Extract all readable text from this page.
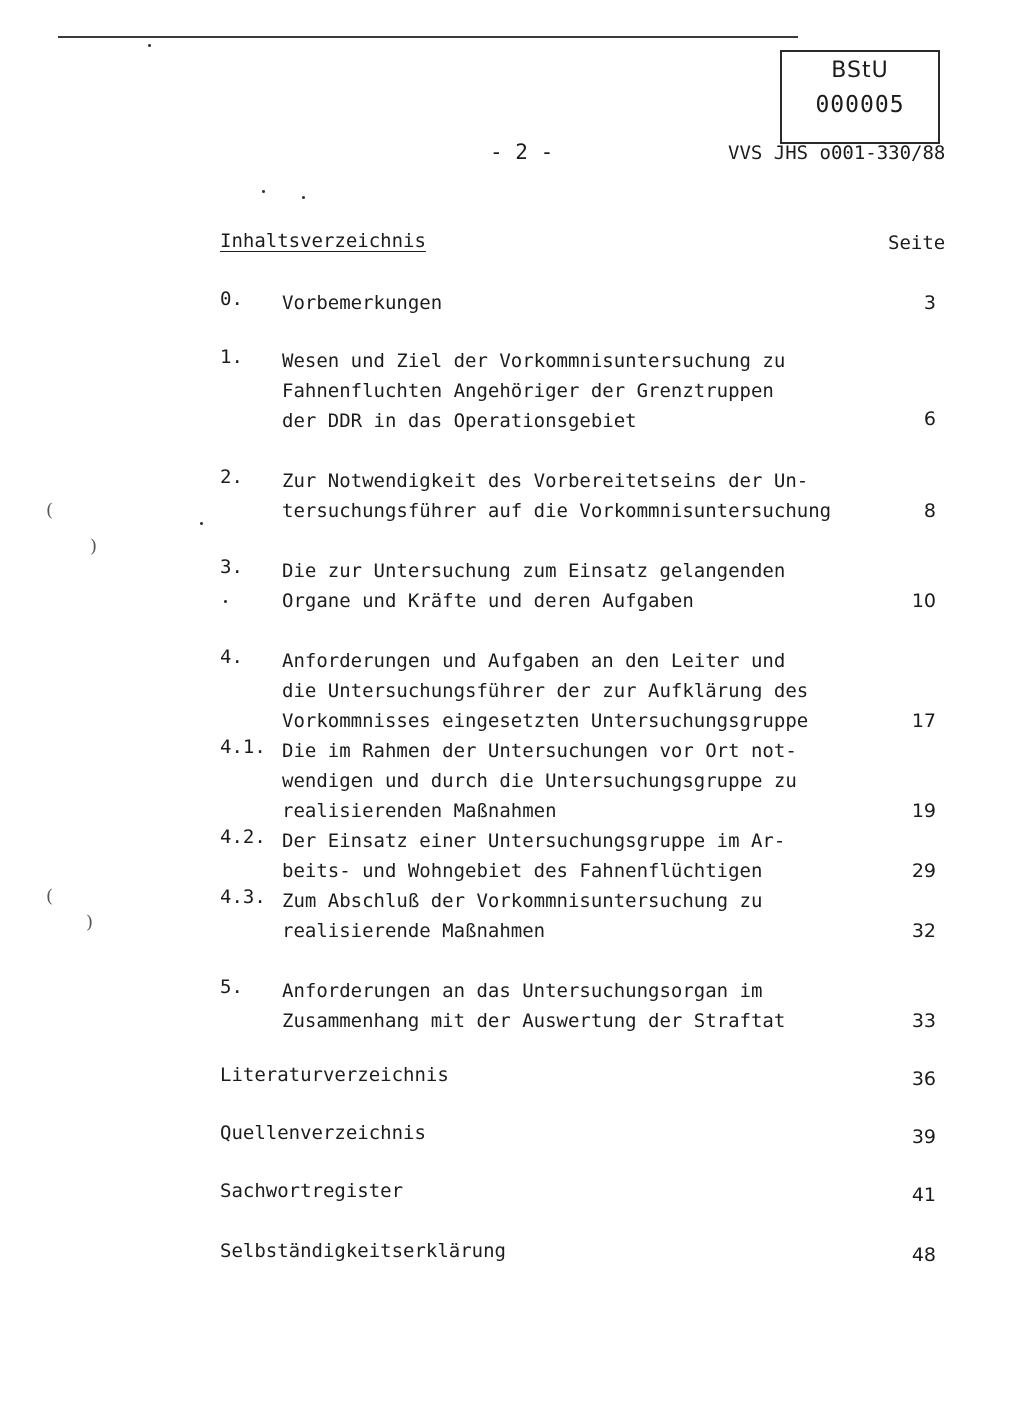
(
)
(
)
BStU
000005
- 2 -	VVS JHS o001-330/88
Inhaltsverzeichnis	Seite
0. Vorbemerkungen	3
1. Wesen und Ziel der Vorkommnisuntersuchung zu
Fahnenfluchten Angehöriger der Grenztruppen
der DDR in das Operationsgebiet	6
2. Zur Notwendigkeit des Vorbereitetseins der Un-
tersuchungsführer auf die Vorkommnisuntersuchung	8
3. Die zur Untersuchung zum Einsatz gelangenden
Organe und Kräfte und deren Aufgaben	10
4. Anforderungen und Aufgaben an den Leiter und
die Untersuchungsführer der zur Aufklärung des
Vorkommnisses eingesetzten Untersuchungsgruppe	17
4.1. Die im Rahmen der Untersuchungen vor Ort not-
wendigen und durch die Untersuchungsgruppe zu
realisierenden Maßnahmen	19
4.2. Der Einsatz einer Untersuchungsgruppe im Ar-
beits- und Wohngebiet des Fahnenflüchtigen	29
4.3. Zum Abschluß der Vorkommnisuntersuchung zu
realisierende Maßnahmen	32
5. Anforderungen an das Untersuchungsorgan im
Zusammenhang mit der Auswertung der Straftat	33
Literaturverzeichnis	36
Quellenverzeichnis	39
Sachwortregister	41
Selbständigkeitserklärung	48
